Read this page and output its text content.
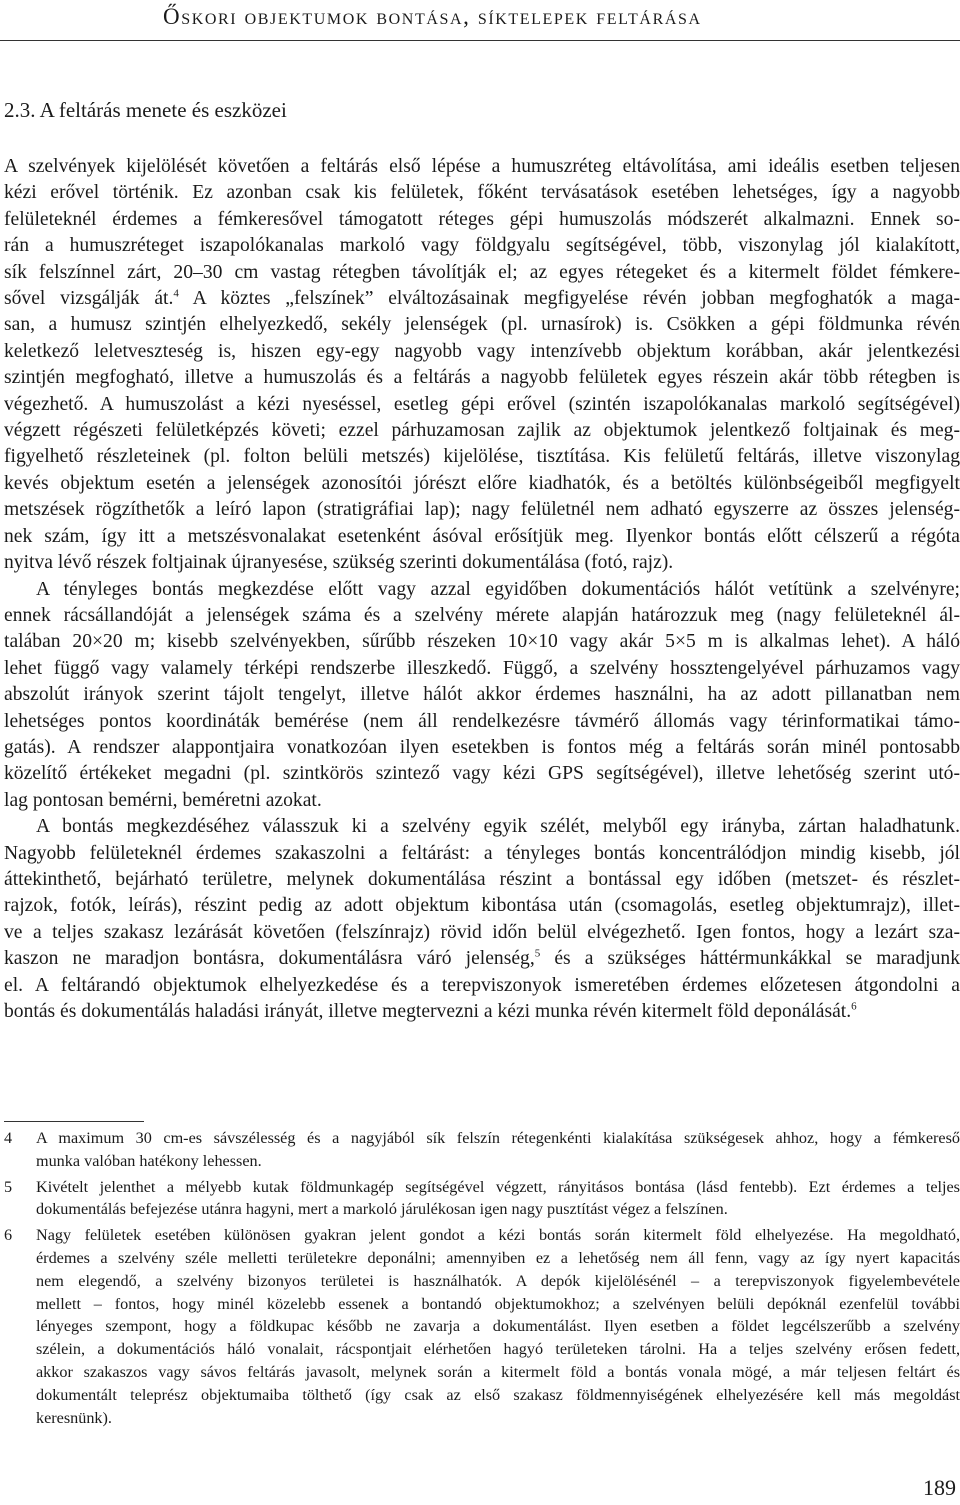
Őskori objektumok bontása, síktelepek feltárása
2.3. A feltárás menete és eszközei
A szelvények kijelölését követően a feltárás első lépése a humuszréteg eltávolítása, ami ideális esetben teljesen
kézi erővel történik. Ez azonban csak kis felületek, főként tervásatások esetében lehetséges, így a nagyobb
felületeknél érdemes a fémkeresővel támogatott réteges gépi humuszolás módszerét alkalmazni. Ennek so-
rán a humuszréteget iszapolókanalas markoló vagy földgyalu segítségével, több, viszonylag jól kialakított,
sík felszínnel zárt, 20–30 cm vastag rétegben távolítják el; az egyes rétegeket és a kitermelt földet fémkere-
sővel vizsgálják át.$^4$ A köztes „felszínek” elváltozásainak megfigyelése révén jobban megfoghatók a maga-
san, a humusz szintjén elhelyezkedő, sekély jelenségek (pl. urnasírok) is. Csökken a gépi földmunka révén
keletkező leletveszteség is, hiszen egy-egy nagyobb vagy intenzívebb objektum korábban, akár jelentkezési
szintjén megfogható, illetve a humuszolás és a feltárás a nagyobb felületek egyes részein akár több rétegben is
végezhető. A humuszolást a kézi nyeséssel, esetleg gépi erővel (szintén iszapolókanalas markoló segítségével)
végzett régészeti felületképzés követi; ezzel párhuzamosan zajlik az objektumok jelentkező foltjainak és meg-
figyelhető részleteinek (pl. folton belüli metszés) kijelölése, tisztítása. Kis felületű feltárás, illetve viszonylag
kevés objektum esetén a jelenségek azonosítói jórészt előre kiadhatók, és a betöltés különbségeiből megfigyelt
metszések rögzíthetők a leíró lapon (stratigráfiai lap); nagy felületnél nem adható egyszerre az összes jelenség-
nek szám, így itt a metszésvonalakat esetenként ásóval erősítjük meg. Ilyenkor bontás előtt célszerű a régóta
nyitva lévő részek foltjainak újranyesése, szükség szerinti dokumentálása (fotó, rajz).
A tényleges bontás megkezdése előtt vagy azzal egyidőben dokumentációs hálót vetítünk a szelvényre;
ennek rácsállandóját a jelenségek száma és a szelvény mérete alapján határozzuk meg (nagy felületeknél ál-
talában 20×20 m; kisebb szelvényekben, sűrűbb részeken 10×10 vagy akár 5×5 m is alkalmas lehet). A háló
lehet függő vagy valamely térképi rendszerbe illeszkedő. Függő, a szelvény hossztengelyével párhuzamos vagy
abszolút irányok szerint tájolt tengelyt, illetve hálót akkor érdemes használni, ha az adott pillanatban nem
lehetséges pontos koordináták bemérése (nem áll rendelkezésre távmérő állomás vagy térinformatikai támo-
gatás). A rendszer alappontjaira vonatkozóan ilyen esetekben is fontos még a feltárás során minél pontosabb
közelítő értékeket megadni (pl. szintkörös szintező vagy kézi GPS segítségével), illetve lehetőség szerint utó-
lag pontosan bemérni, beméretni azokat.
A bontás megkezdéséhez válasszuk ki a szelvény egyik szélét, melyből egy irányba, zártan haladhatunk.
Nagyobb felületeknél érdemes szakaszolni a feltárást: a tényleges bontás koncentrálódjon mindig kisebb, jól
áttekinthető, bejárható területre, melynek dokumentálása részint a bontással egy időben (metszet- és részlet-
rajzok, fotók, leírás), részint pedig az adott objektum kibontása után (csomagolás, esetleg objektumrajz), illet-
ve a teljes szakasz lezárását követően (felszínrajz) rövid időn belül elvégezhető. Igen fontos, hogy a lezárt sza-
kaszon ne maradjon bontásra, dokumentálásra váró jelenség,$^5$ és a szükséges háttérmunkákkal se maradjunk
el. A feltárandó objektumok elhelyezkedése és a terepviszonyok ismeretében érdemes előzetesen átgondolni a
bontás és dokumentálás haladási irányát, illetve megtervezni a kézi munka révén kitermelt föld deponálását.$^6$
4 A maximum 30 cm-es sávszélesség és a nagyjából sík felszín rétegenkénti kialakítása szükségesek ahhoz, hogy a fémkereső
munka valóban hatékony lehessen.
5 Kivételt jelenthet a mélyebb kutak földmunkagép segítségével végzett, rányitásos bontása (lásd fentebb). Ezt érdemes a teljes
dokumentálás befejezése utánra hagyni, mert a markoló járulékosan igen nagy pusztítást végez a felszínen.
6 Nagy felületek esetében különösen gyakran jelent gondot a kézi bontás során kitermelt föld elhelyezése. Ha megoldható,
érdemes a szelvény széle melletti területekre deponálni; amennyiben ez a lehetőség nem áll fenn, vagy az így nyert kapacitás
nem elegendő, a szelvény bizonyos területei is használhatók. A depók kijelölésénél – a terepviszonyok figyelembevétele
mellett – fontos, hogy minél közelebb essenek a bontandó objektumokhoz; a szelvényen belüli depóknál ezenfelül további
lényeges szempont, hogy a földkupac később ne zavarja a dokumentálást. Ilyen esetben a földet legcélszerűbb a szelvény
szélein, a dokumentációs háló vonalait, rácspontjait elérhetően hagyó területeken tárolni. Ha a teljes szelvény erősen fedett,
akkor szakaszos vagy sávos feltárás javasolt, melynek során a kitermelt föld a bontás vonala mögé, a már teljesen feltárt és
dokumentált teleprész objektumaiba tölthető (így csak az első szakasz földmennyiségének elhelyezésére kell más megoldást
keresnünk).
189
